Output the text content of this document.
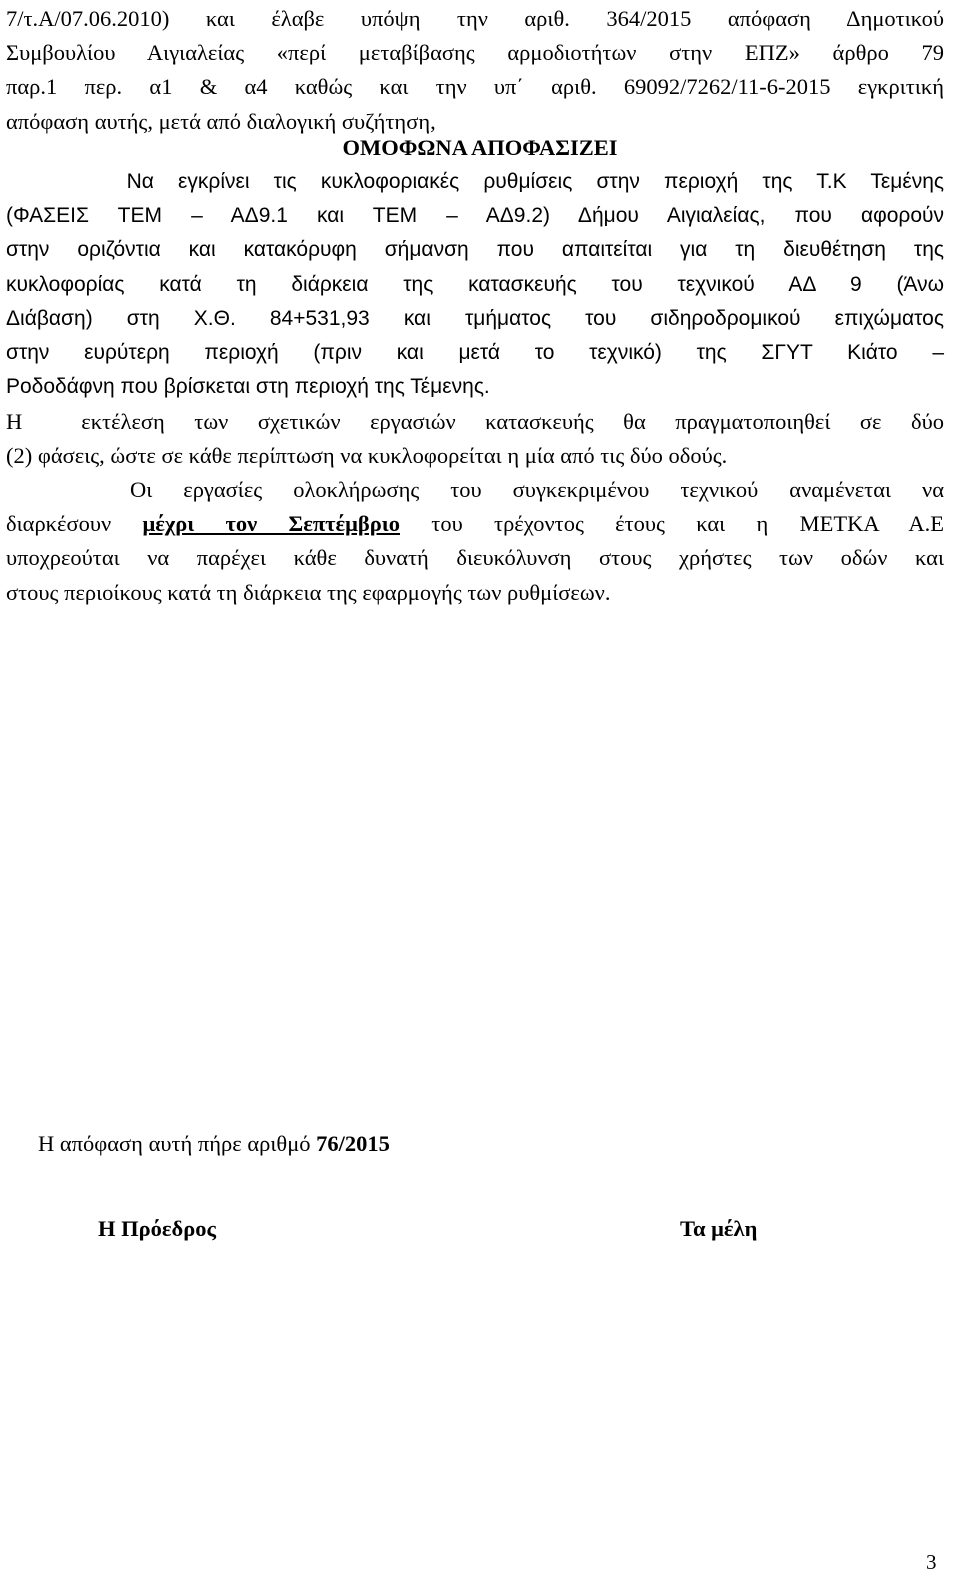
7/τ.Α/07.06.2010) και έλαβε υπόψη την αριθ. 364/2015 απόφαση Δημοτικού
Συμβουλίου Αιγιαλείας «περί μεταβίβασης αρμοδιοτήτων στην ΕΠΖ» άρθρο 79
παρ.1 περ. α1 & α4 καθώς και την υπ΄ αριθ. 69092/7262/11-6-2015 εγκριτική
απόφαση αυτής, μετά από διαλογική συζήτηση,
ΟΜΟΦΩΝΑ ΑΠΟΦΑΣΙΖΕΙ
Να εγκρίνει τις κυκλοφοριακές ρυθμίσεις στην περιοχή της Τ.Κ Τεμένης
(ΦΑΣΕΙΣ ΤΕΜ – ΑΔ9.1 και ΤΕΜ – ΑΔ9.2) Δήμου Αιγιαλείας, που αφορούν
στην οριζόντια και κατακόρυφη σήμανση που απαιτείται για τη διευθέτηση της
κυκλοφορίας κατά τη διάρκεια της κατασκευής του τεχνικού ΑΔ 9 (Άνω
Διάβαση) στη Χ.Θ. 84+531,93 και τμήματος του σιδηροδρομικού επιχώματος
στην ευρύτερη περιοχή (πριν και μετά το τεχνικό) της ΣΓΥΤ Κιάτο –
Ροδοδάφνη που βρίσκεται στη περιοχή της Τέμενης.
Η  εκτέλεση των σχετικών εργασιών κατασκευής θα πραγματοποιηθεί σε δύο
(2) φάσεις, ώστε σε κάθε περίπτωση να κυκλοφορείται η μία από τις δύο οδούς.
Οι εργασίες ολοκλήρωσης του συγκεκριμένου τεχνικού αναμένεται να
διαρκέσουν μέχρι τον Σεπτέμβριο του τρέχοντος έτους και η ΜΕΤΚΑ Α.Ε
υποχρεούται να παρέχει κάθε δυνατή διευκόλυνση στους χρήστες των οδών και
στους περιοίκους κατά τη διάρκεια της εφαρμογής των ρυθμίσεων.
Η απόφαση αυτή πήρε αριθμό 76/2015
Η Πρόεδρος	Τα μέλη
3
